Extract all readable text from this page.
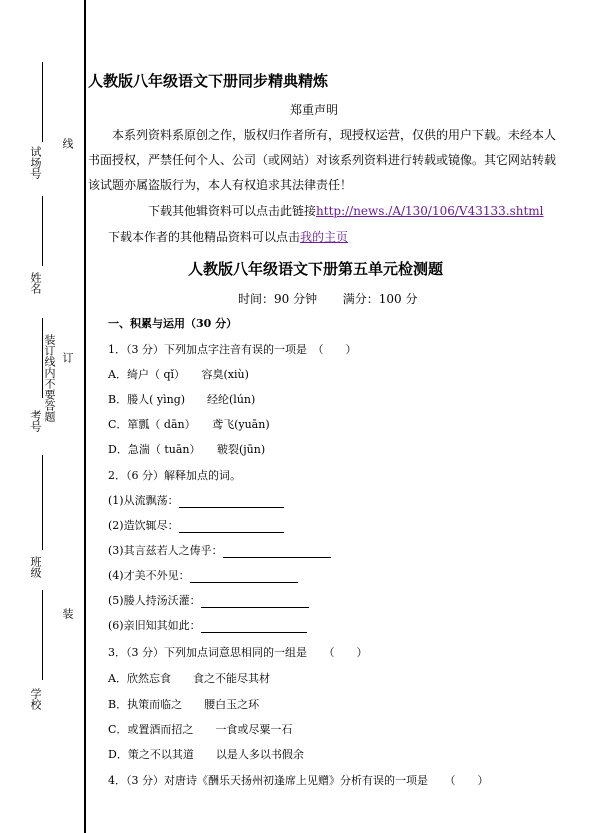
试场号
线
姓名
订
考号 装订线内不要答题
班级
装
学校
人教版八年级语文下册同步精典精炼
郑重声明
本系列资料系原创之作，版权归作者所有，现授权运营，仅供的用户下载。未经本人书面授权，严禁任何个人、公司（或网站）对该系列资料进行转载或镜像。其它网站转载该试题亦属盗版行为，本人有权追求其法律责任！
下载其他辑资料可以点击此链接http://news./A/130/106/V43133.shtml
下载本作者的其他精品资料可以点击我的主页
人教版八年级语文下册第五单元检测题
时间：90 分钟 满分：100 分
一、积累与运用（30 分）
1．（3 分）下列加点字注音有误的一项是　（　　）
A．绮户（ qǐ）　　容臭(xiù)
B．媵人( yìng)　　经纶(lún)
C．箪瓢（ dān）　　鸢飞(yuān)
D．急湍（ tuān）　　皲裂(jūn)
2．（6 分）解释加点的词。
(1)从流飘荡：
(2)造饮辄尽：
(3)其言兹若人之俦乎：
(4)才美不外见：
(5)媵人持汤沃灌：
(6)亲旧知其如此：
3．（3 分）下列加点词意思相同的一组是　　（　　）
A．欣然忘食　　食之不能尽其材
B．执策而临之　　腰白玉之环
C．或置酒而招之　　一食或尽粟一石
D．策之不以其道　　以是人多以书假余
4．（3 分）对唐诗《酬乐天扬州初逢席上见赠》分析有误的一项是　　（　　）
